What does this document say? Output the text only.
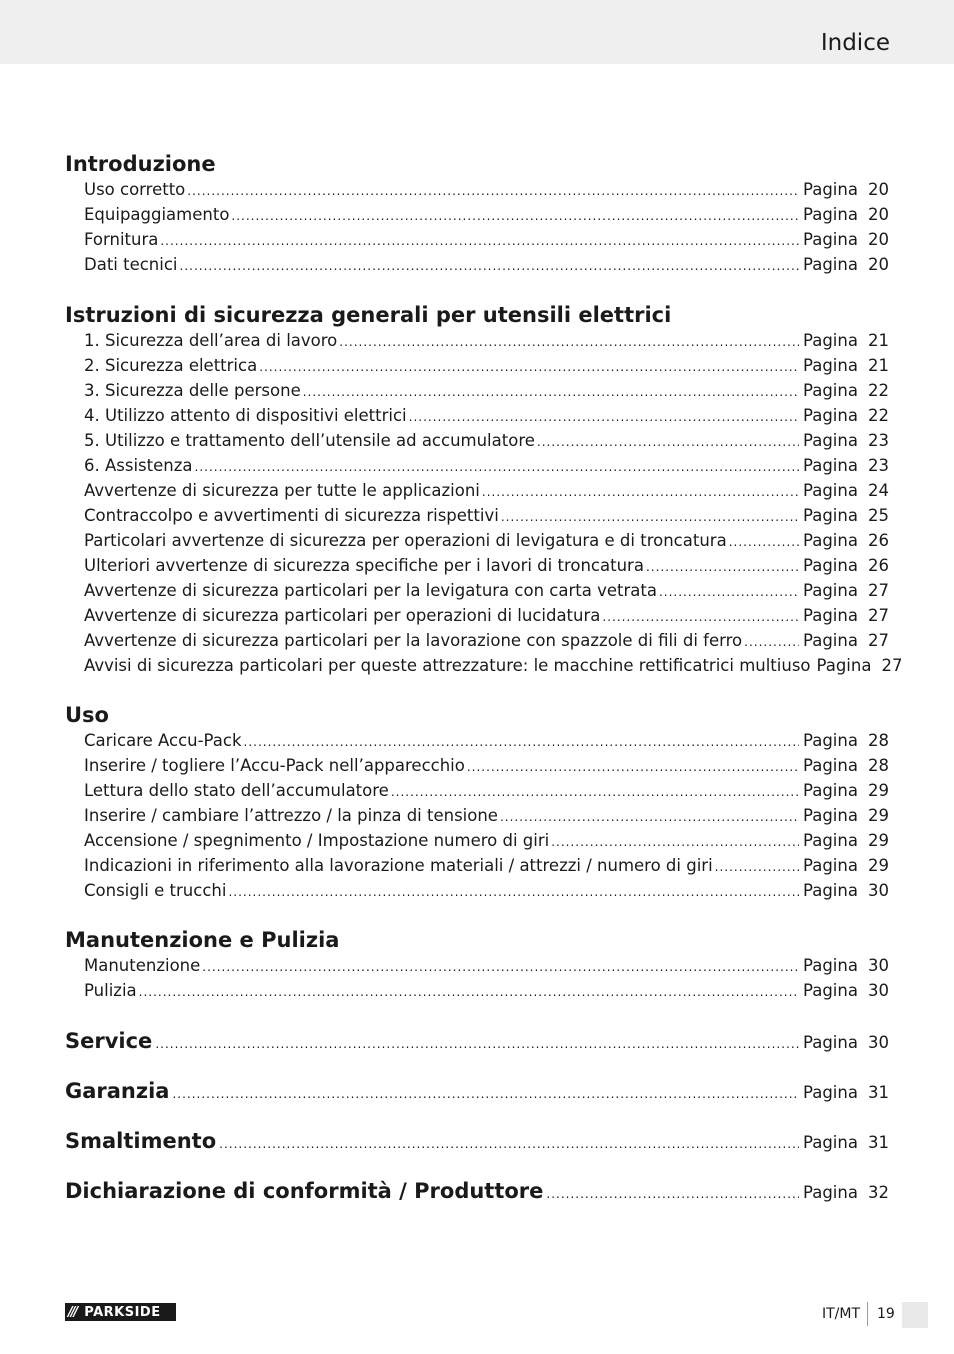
Indice
Introduzione
Uso corretto .....	Pagina 20
Equipaggiamento .....	Pagina 20
Fornitura .....	Pagina 20
Dati tecnici .....	Pagina 20
Istruzioni di sicurezza generali per utensili elettrici
1. Sicurezza dell’area di lavoro .....	Pagina 21
2. Sicurezza elettrica .....	Pagina 21
3. Sicurezza delle persone .....	Pagina 22
4. Utilizzo attento di dispositivi elettrici .....	Pagina 22
5. Utilizzo e trattamento dell’utensile ad accumulatore .....	Pagina 23
6. Assistenza .....	Pagina 23
Avvertenze di sicurezza per tutte le applicazioni .....	Pagina 24
Contraccolpo e avvertimenti di sicurezza rispettivi .....	Pagina 25
Particolari avvertenze di sicurezza per operazioni di levigatura e di troncatura .....	Pagina 26
Ulteriori avvertenze di sicurezza specifiche per i lavori di troncatura .....	Pagina 26
Avvertenze di sicurezza particolari per la levigatura con carta vetrata .....	Pagina 27
Avvertenze di sicurezza particolari per operazioni di lucidatura .....	Pagina 27
Avvertenze di sicurezza particolari per la lavorazione con spazzole di fili di ferro .....	Pagina 27
Avvisi di sicurezza particolari per queste attrezzature: le macchine rettificatrici multiuso Pagina 27
Uso
Caricare Accu-Pack .....	Pagina 28
Inserire / togliere l’Accu-Pack nell’apparecchio .....	Pagina 28
Lettura dello stato dell’accumulatore .....	Pagina 29
Inserire / cambiare l’attrezzo / la pinza di tensione .....	Pagina 29
Accensione / spegnimento / Impostazione numero di giri .....	Pagina 29
Indicazioni in riferimento alla lavorazione materiali / attrezzi / numero di giri .....	Pagina 29
Consigli e trucchi .....	Pagina 30
Manutenzione e Pulizia
Manutenzione .....	Pagina 30
Pulizia .....	Pagina 30
Service .....	Pagina 30
Garanzia .....	Pagina 31
Smaltimento .....	Pagina 31
Dichiarazione di conformità / Produttore .....	Pagina 32
/// PARKSIDE	IT/MT 19
